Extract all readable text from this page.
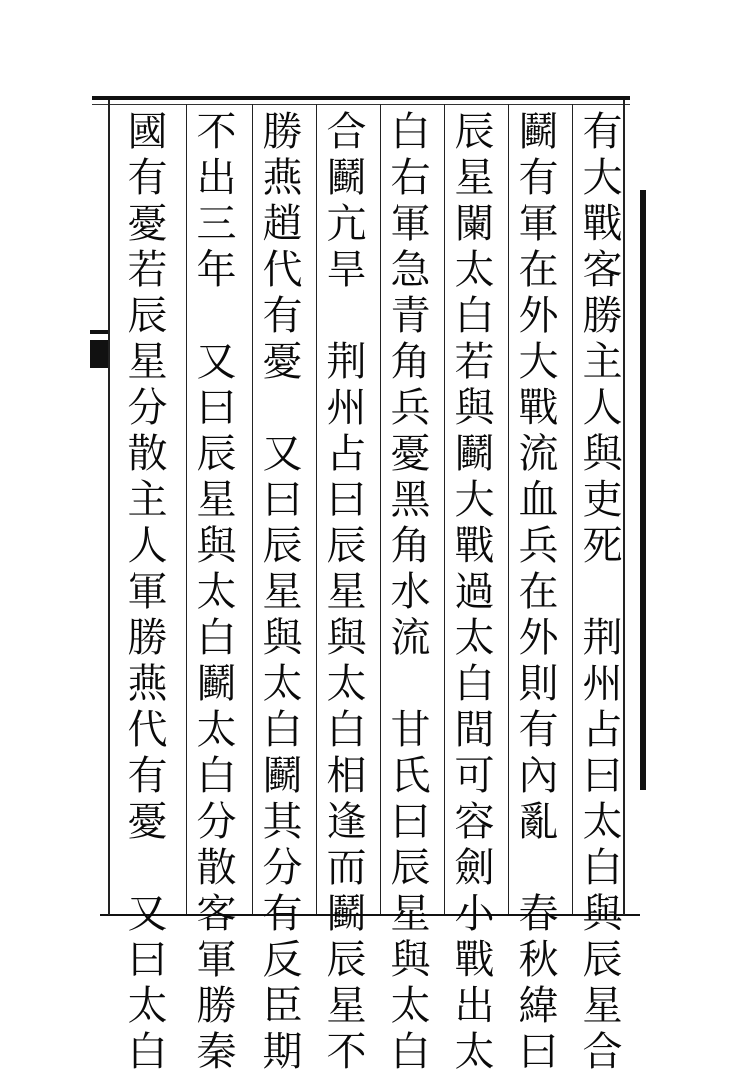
有大戰客勝主人與吏死　荆州占曰太白與辰星合
鬬有軍在外大戰流血兵在外則有內亂　春秋緯曰
辰星闌太白若與鬬大戰過太白間可容劍小戰出太
白右軍急青角兵憂黑角水流　甘氏曰辰星與太白
合鬬亢旱　荆州占曰辰星與太白相逢而鬬辰星不
勝燕趙代有憂　又曰辰星與太白鬬其分有反臣期
不出三年　又曰辰星與太白鬬太白分散客軍勝秦
國有憂若辰星分散主人軍勝燕代有憂　又曰太白
